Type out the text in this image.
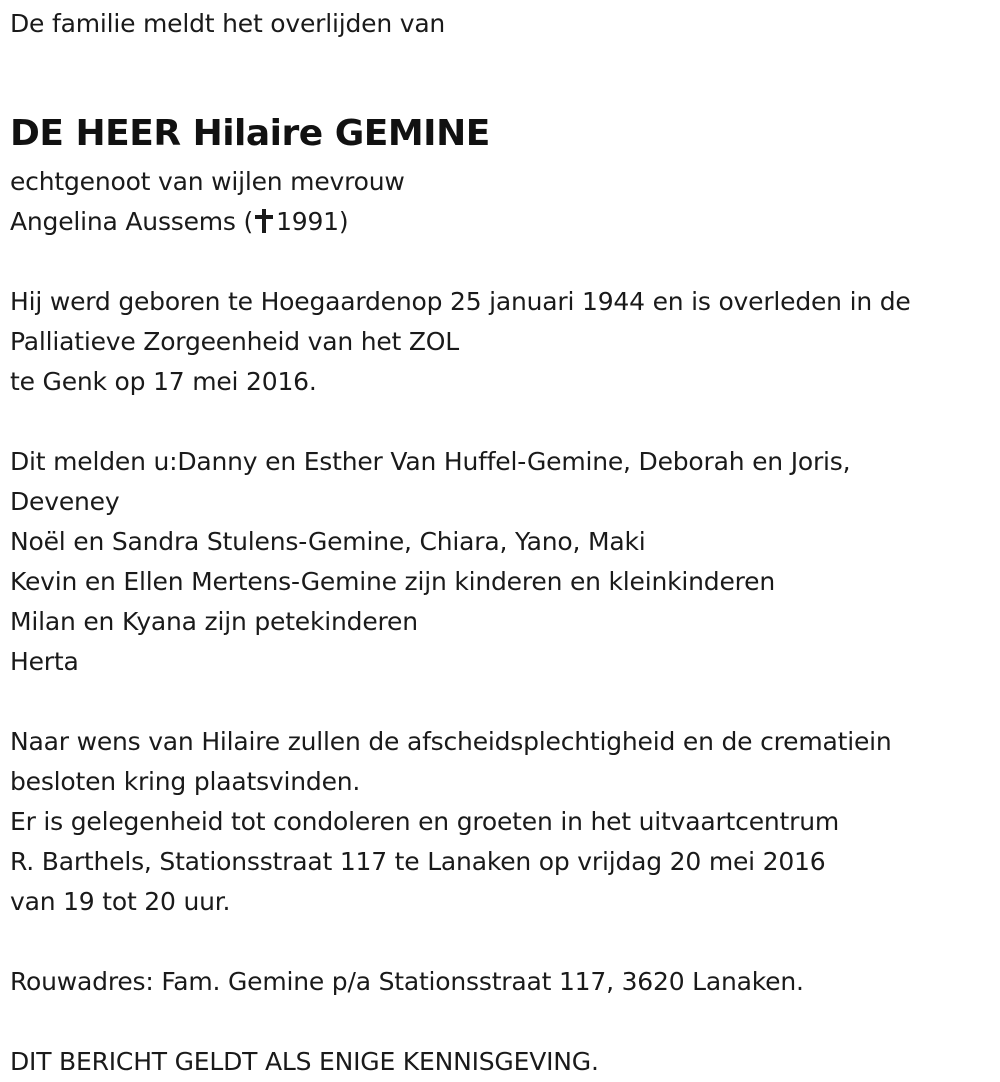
De familie meldt het overlijden van
DE HEER Hilaire GEMINE
echtgenoot van wijlen mevrouw
Angelina Aussems ( 1991)
Hij werd geboren te Hoegaardenop 25 januari 1944 en is overleden in de
Palliatieve Zorgeenheid van het ZOL
te Genk op 17 mei 2016.
Dit melden u:Danny en Esther Van Huffel-Gemine, Deborah en Joris,
Deveney
Noël en Sandra Stulens-Gemine, Chiara, Yano, Maki
Kevin en Ellen Mertens-Gemine zijn kinderen en kleinkinderen
Milan en Kyana zijn petekinderen
Herta
Naar wens van Hilaire zullen de afscheidsplechtigheid en de crematiein
besloten kring plaatsvinden.
Er is gelegenheid tot condoleren en groeten in het uitvaartcentrum
R. Barthels, Stationsstraat 117 te Lanaken op vrijdag 20 mei 2016
van 19 tot 20 uur.
Rouwadres: Fam. Gemine p/a Stationsstraat 117, 3620 Lanaken.
DIT BERICHT GELDT ALS ENIGE KENNISGEVING.
